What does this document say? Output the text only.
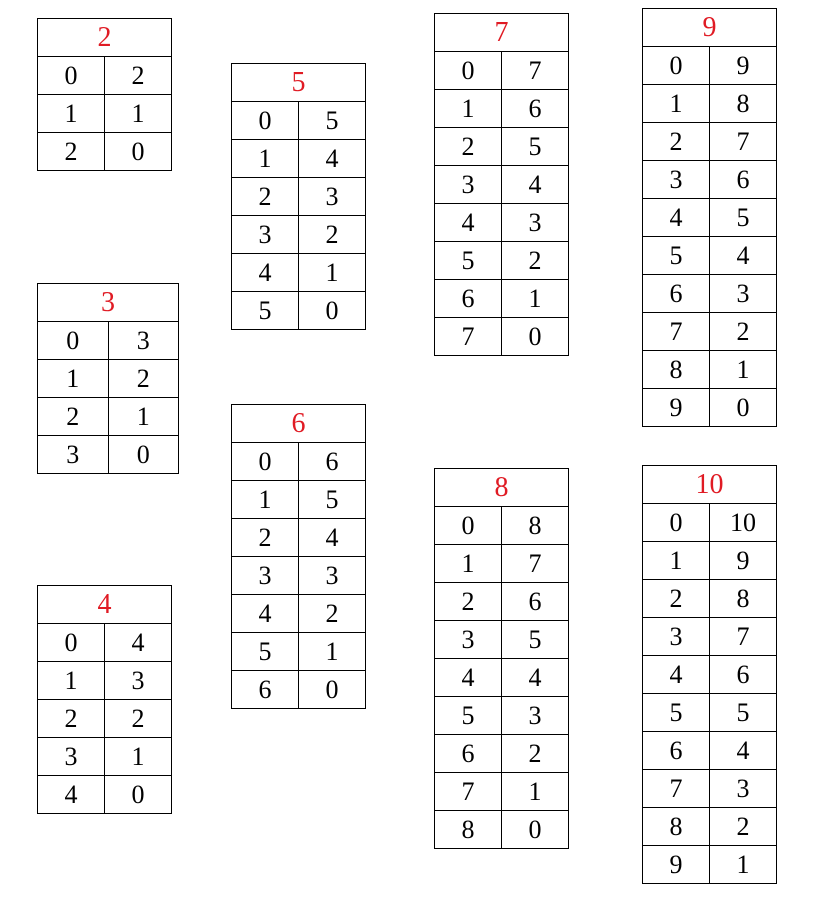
2	
0	2
1	1
2	0
3	
0	3
1	2
2	1
3	0
4	
0	4
1	3
2	2
3	1
4	0
5	
0	5
1	4
2	3
3	2
4	1
5	0
6	
0	6
1	5
2	4
3	3
4	2
5	1
6	0
7	
0	7
1	6
2	5
3	4
4	3
5	2
6	1
7	0
8	
0	8
1	7
2	6
3	5
4	4
5	3
6	2
7	1
8	0
9	
0	9
1	8
2	7
3	6
4	5
5	4
6	3
7	2
8	1
9	0
10	
0	10
1	9
2	8
3	7
4	6
5	5
6	4
7	3
8	2
9	1
